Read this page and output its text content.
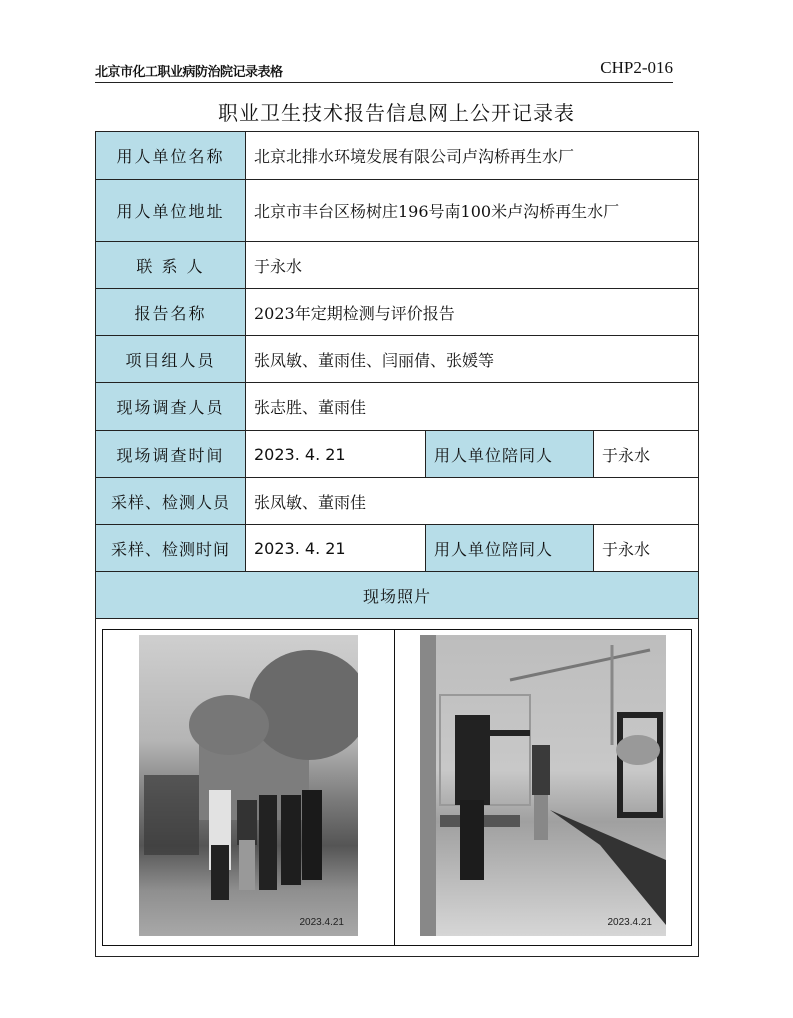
北京市化工职业病防治院记录表格	CHP2-016
职业卫生技术报告信息网上公开记录表
用人单位名称	北京北排水环境发展有限公司卢沟桥再生水厂
用人单位地址	北京市丰台区杨树庄196号南100米卢沟桥再生水厂
联 系 人	于永水
报告名称	2023年定期检测与评价报告
项目组人员	张凤敏、董雨佳、闫丽倩、张媛等
现场调查人员	张志胜、董雨佳
现场调查时间	2023. 4. 21	用人单位陪同人	于永水
采样、检测人员	张凤敏、董雨佳
采样、检测时间	2023. 4. 21	用人单位陪同人	于永水
现场照片

2023.4.21	2023.4.21
